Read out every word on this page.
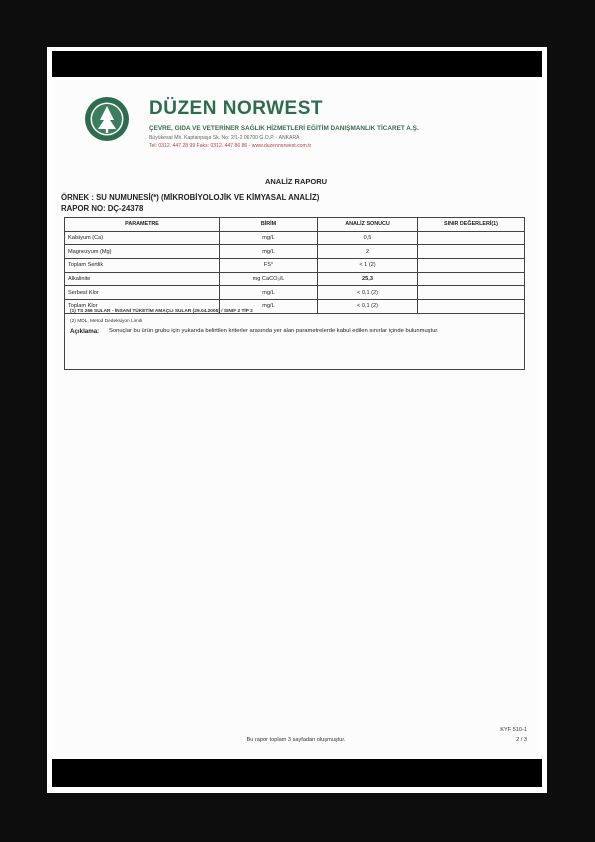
DÜZEN NORWEST
ÇEVRE, GIDA VE VETERİNER SAĞLIK HİZMETLERİ EĞİTİM DANIŞMANLIK TİCARET A.Ş.
Büyükesat Mh. Kaptanpaşa Sk. No: 2/1-2 06700 G.O.P. - ANKARA
Tel: 0312. 447 28 99 Faks: 0312. 447 86 86 - www.duzennorwest.com.tr
ANALİZ RAPORU
ÖRNEK : SU NUMUNESİ(*) (MİKROBİYOLOJİK VE KİMYASAL ANALİZ)
RAPOR NO: DÇ-24378
PARAMETRE	BİRİM	ANALİZ SONUCU	SINIR DEĞERLERİ(1)
Kalsiyum (Ca)	mg/L	0,5	
Magnezyum (Mg)	mg/L	2	
Toplam Sertlik	FS°	< 1 (2)	
Alkalinite	mg CaCO₃/L	25,3	
Serbest Klor	mg/L	< 0,1 (2)	
Toplam Klor	mg/L	< 0,1 (2)	
(1) TS 266 SULAR - İNSANİ TÜKETİM AMAÇLI SULAR (29.04.2005) / SINIF 2 TİP 2
(2) MDL, Metod Dedeksiyon Limiti
Açıklama: Sonuçlar bu ürün grubu için yukarıda belirtilen kriterler arasında yer alan parametrelerde kabul edilen sınırlar içinde bulunmuştur.
KYF 510-1
Bu rapor toplam 3 sayfadan oluşmuştur.	2 / 3
